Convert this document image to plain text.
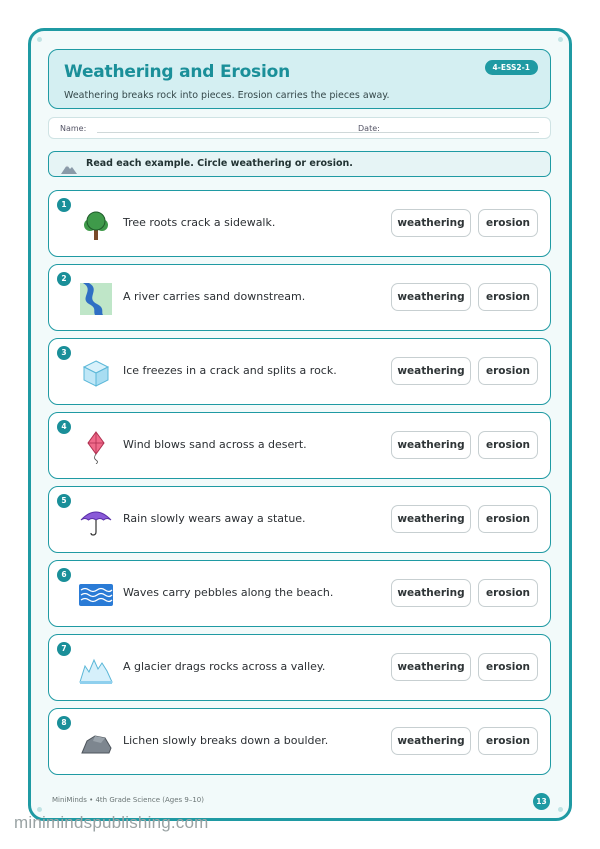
Weathering and Erosion
Weathering breaks rock into pieces. Erosion carries the pieces away.
4-ESS2-1
Name:	Date:
Read each example. Circle weathering or erosion.
1
Tree roots crack a sidewalk.	weathering	erosion
2
A river carries sand downstream.	weathering	erosion
3
Ice freezes in a crack and splits a rock.	weathering	erosion
4
Wind blows sand across a desert.	weathering	erosion
5
Rain slowly wears away a statue.	weathering	erosion
6
Waves carry pebbles along the beach.	weathering	erosion
7
A glacier drags rocks across a valley.	weathering	erosion
8
Lichen slowly breaks down a boulder.	weathering	erosion
MiniMinds • 4th Grade Science (Ages 9–10)	13
minimindspublishing.com
